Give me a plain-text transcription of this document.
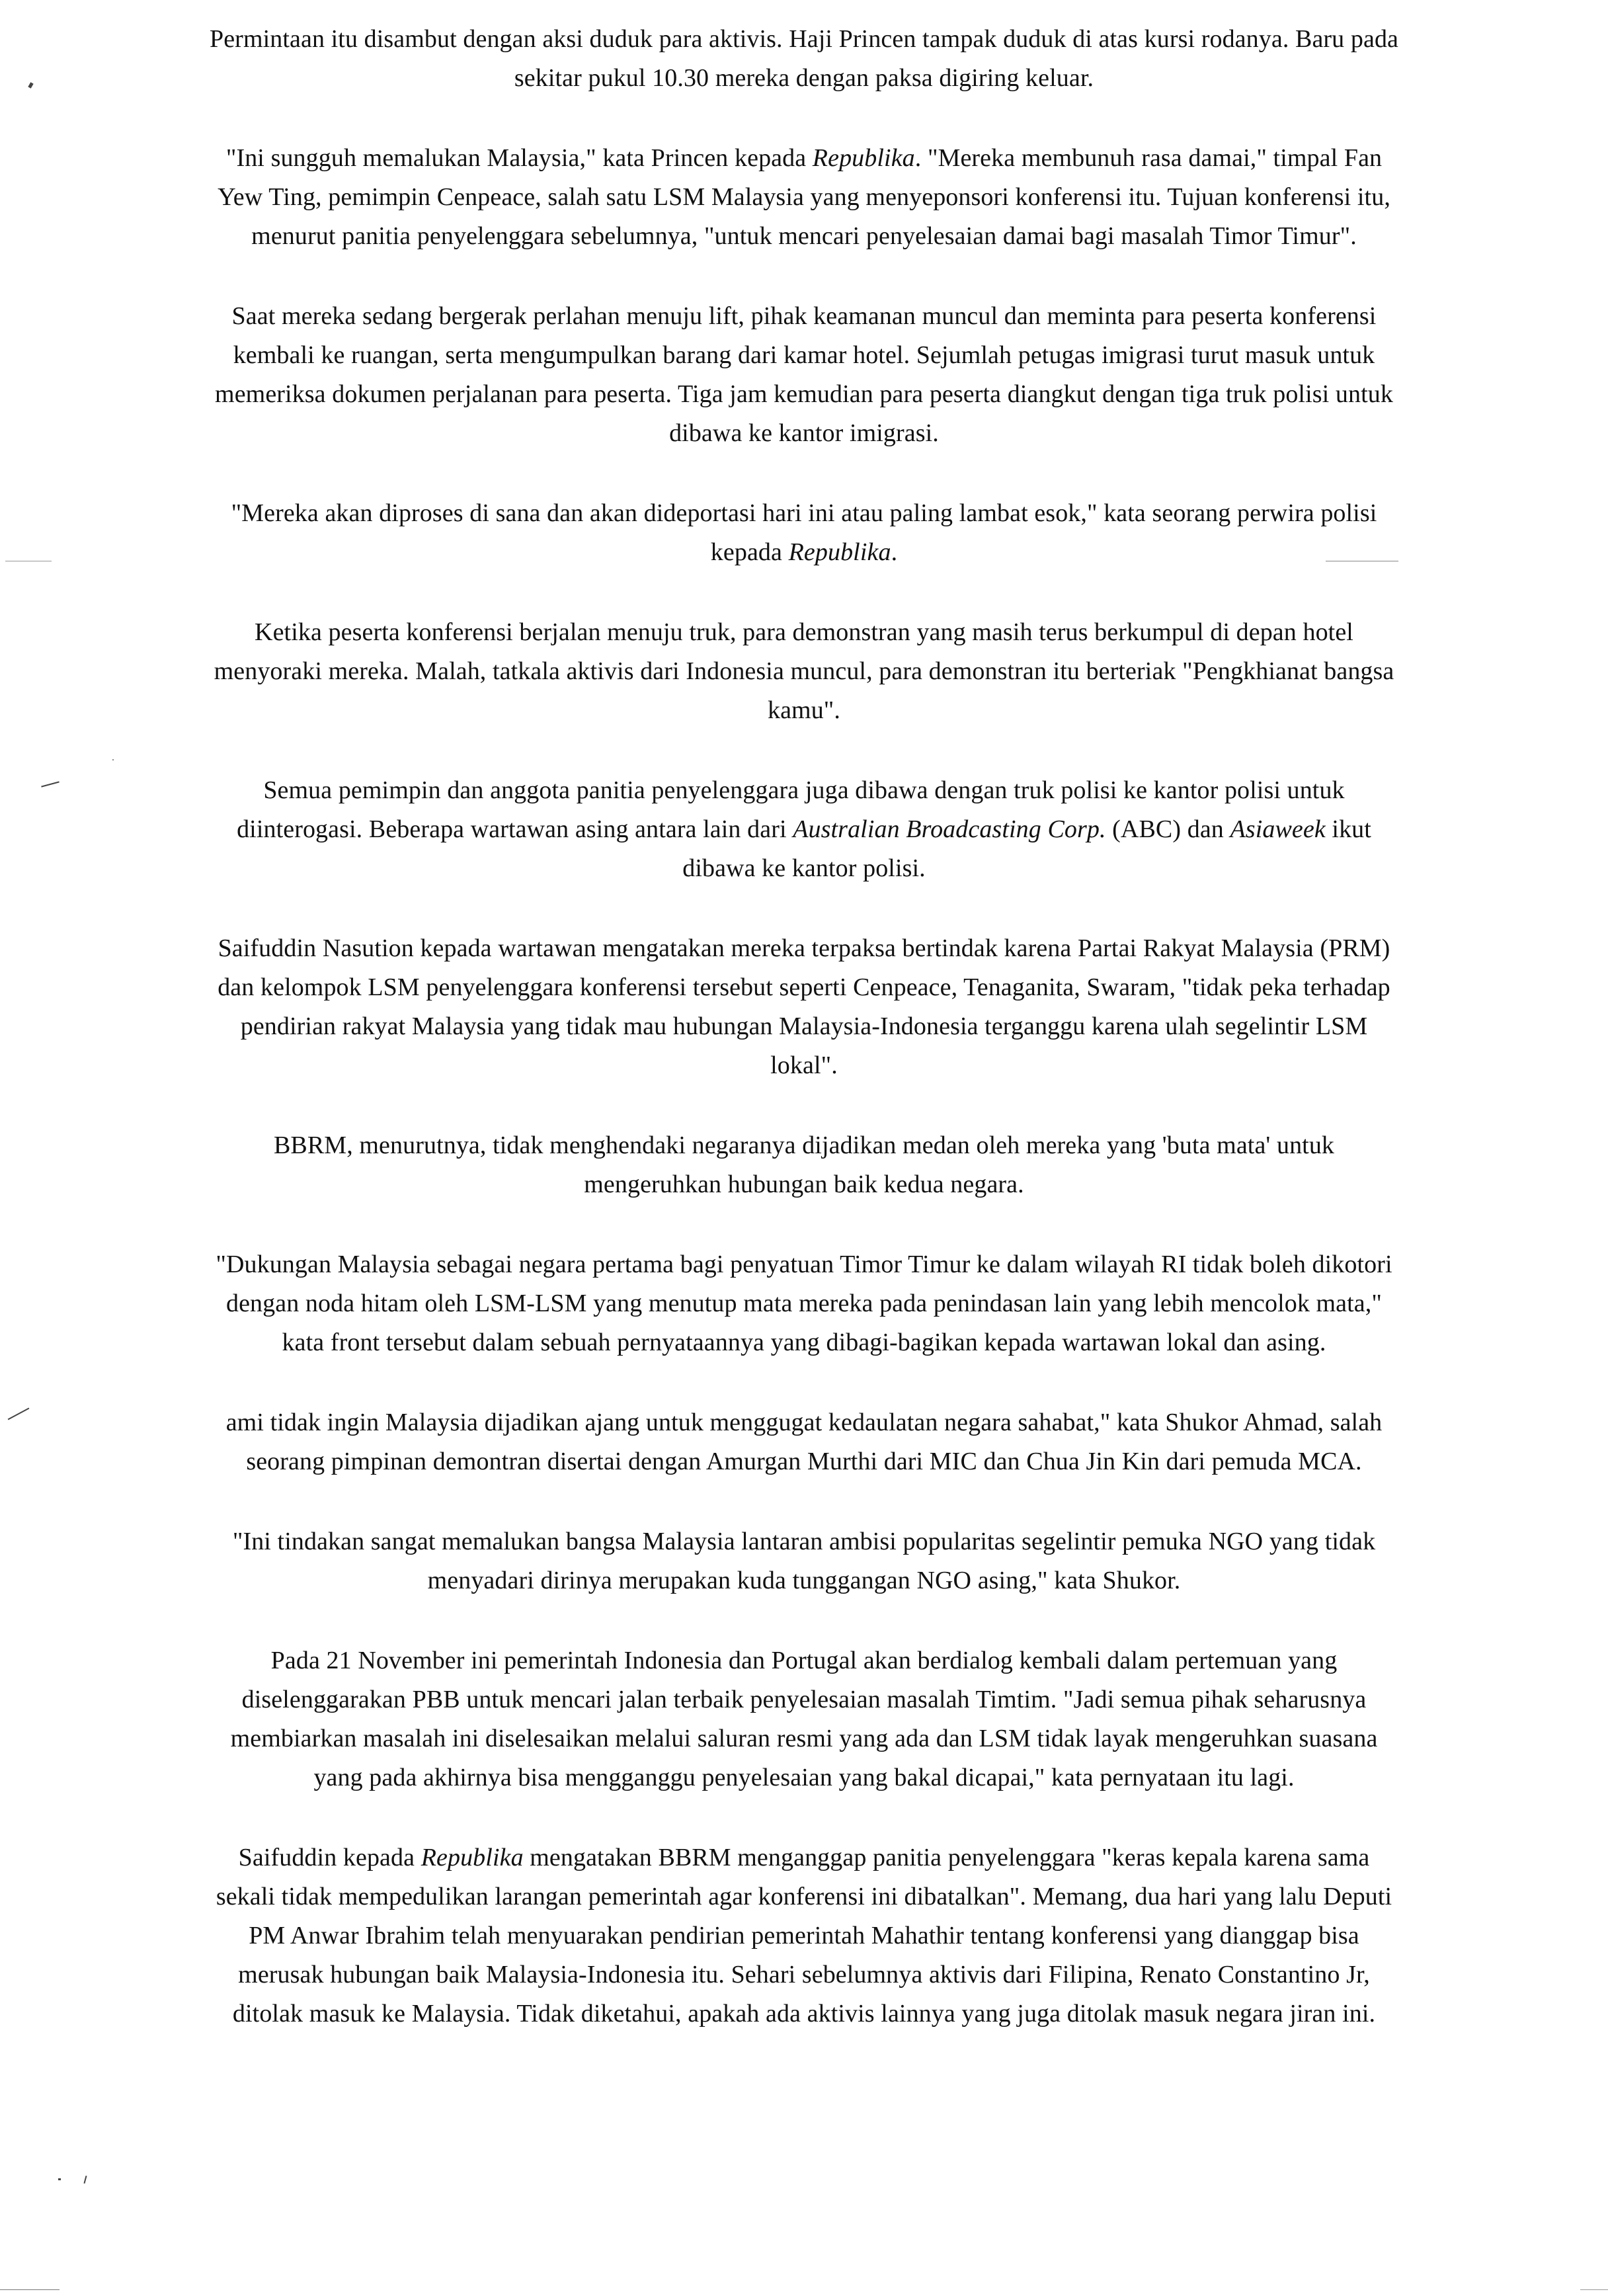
Permintaan itu disambut dengan aksi duduk para aktivis. Haji Princen tampak duduk di atas kursi rodanya. Baru pada
sekitar pukul 10.30 mereka dengan paksa digiring keluar.

"Ini sungguh memalukan Malaysia," kata Princen kepada Republika. "Mereka membunuh rasa damai," timpal Fan
Yew Ting, pemimpin Cenpeace, salah satu LSM Malaysia yang menyeponsori konferensi itu. Tujuan konferensi itu,
menurut panitia penyelenggara sebelumnya, "untuk mencari penyelesaian damai bagi masalah Timor Timur".

Saat mereka sedang bergerak perlahan menuju lift, pihak keamanan muncul dan meminta para peserta konferensi
kembali ke ruangan, serta mengumpulkan barang dari kamar hotel. Sejumlah petugas imigrasi turut masuk untuk
memeriksa dokumen perjalanan para peserta. Tiga jam kemudian para peserta diangkut dengan tiga truk polisi untuk
dibawa ke kantor imigrasi.

"Mereka akan diproses di sana dan akan dideportasi hari ini atau paling lambat esok," kata seorang perwira polisi
kepada Republika.

Ketika peserta konferensi berjalan menuju truk, para demonstran yang masih terus berkumpul di depan hotel
menyoraki mereka. Malah, tatkala aktivis dari Indonesia muncul, para demonstran itu berteriak "Pengkhianat bangsa
kamu".

Semua pemimpin dan anggota panitia penyelenggara juga dibawa dengan truk polisi ke kantor polisi untuk
diinterogasi. Beberapa wartawan asing antara lain dari Australian Broadcasting Corp. (ABC) dan Asiaweek ikut
dibawa ke kantor polisi.

Saifuddin Nasution kepada wartawan mengatakan mereka terpaksa bertindak karena Partai Rakyat Malaysia (PRM)
dan kelompok LSM penyelenggara konferensi tersebut seperti Cenpeace, Tenaganita, Swaram, "tidak peka terhadap
pendirian rakyat Malaysia yang tidak mau hubungan Malaysia-Indonesia terganggu karena ulah segelintir LSM
lokal".

BBRM, menurutnya, tidak menghendaki negaranya dijadikan medan oleh mereka yang 'buta mata' untuk
mengeruhkan hubungan baik kedua negara.

"Dukungan Malaysia sebagai negara pertama bagi penyatuan Timor Timur ke dalam wilayah RI tidak boleh dikotori
dengan noda hitam oleh LSM-LSM yang menutup mata mereka pada penindasan lain yang lebih mencolok mata,"
kata front tersebut dalam sebuah pernyataannya yang dibagi-bagikan kepada wartawan lokal dan asing.

ami tidak ingin Malaysia dijadikan ajang untuk menggugat kedaulatan negara sahabat," kata Shukor Ahmad, salah
seorang pimpinan demontran disertai dengan Amurgan Murthi dari MIC dan Chua Jin Kin dari pemuda MCA.

"Ini tindakan sangat memalukan bangsa Malaysia lantaran ambisi popularitas segelintir pemuka NGO yang tidak
menyadari dirinya merupakan kuda tunggangan NGO asing," kata Shukor.

Pada 21 November ini pemerintah Indonesia dan Portugal akan berdialog kembali dalam pertemuan yang
diselenggarakan PBB untuk mencari jalan terbaik penyelesaian masalah Timtim. "Jadi semua pihak seharusnya
membiarkan masalah ini diselesaikan melalui saluran resmi yang ada dan LSM tidak layak mengeruhkan suasana
yang pada akhirnya bisa mengganggu penyelesaian yang bakal dicapai," kata pernyataan itu lagi.

Saifuddin kepada Republika mengatakan BBRM menganggap panitia penyelenggara "keras kepala karena sama
sekali tidak mempedulikan larangan pemerintah agar konferensi ini dibatalkan". Memang, dua hari yang lalu Deputi
PM Anwar Ibrahim telah menyuarakan pendirian pemerintah Mahathir tentang konferensi yang dianggap bisa
merusak hubungan baik Malaysia-Indonesia itu. Sehari sebelumnya aktivis dari Filipina, Renato Constantino Jr,
ditolak masuk ke Malaysia. Tidak diketahui, apakah ada aktivis lainnya yang juga ditolak masuk negara jiran ini.
